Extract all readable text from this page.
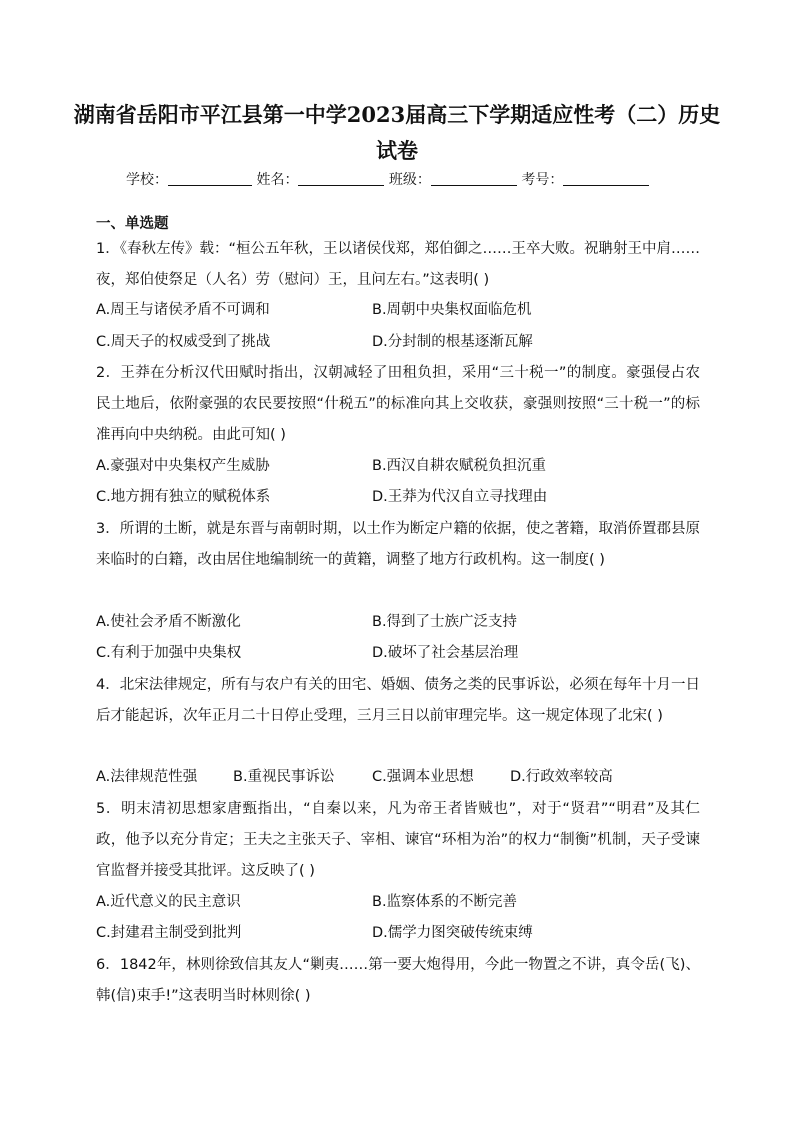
湖南省岳阳市平江县第一中学2023届高三下学期适应性考（二）历史
试卷
学校：	姓名：	班级：	考号：
一、单选题
1．《春秋左传》载：“桓公五年秋，王以诸侯伐郑，郑伯御之……王卒大败。祝聃射王中肩……夜，郑伯使祭足（人名）劳（慰问）王，且问左右。”这表明( )
A.周王与诸侯矛盾不可调和	B.周朝中央集权面临危机
C.周天子的权威受到了挑战	D.分封制的根基逐渐瓦解
2．王莽在分析汉代田赋时指出，汉朝减轻了田租负担，采用“三十税一”的制度。豪强侵占农民土地后，依附豪强的农民要按照“什税五”的标准向其上交收获，豪强则按照“三十税一”的标准再向中央纳税。由此可知( )
A.豪强对中央集权产生威胁	B.西汉自耕农赋税负担沉重
C.地方拥有独立的赋税体系	D.王莽为代汉自立寻找理由
3．所谓的土断，就是东晋与南朝时期，以土作为断定户籍的依据，使之著籍，取消侨置郡县原来临时的白籍，改由居住地编制统一的黄籍，调整了地方行政机构。这一制度( )
A.使社会矛盾不断激化	B.得到了士族广泛支持
C.有利于加强中央集权	D.破坏了社会基层治理
4．北宋法律规定，所有与农户有关的田宅、婚姻、债务之类的民事诉讼，必须在每年十月一日后才能起诉，次年正月二十日停止受理，三月三日以前审理完毕。这一规定体现了北宋( )
A.法律规范性强 B.重视民事诉讼	C.强调本业思想	D.行政效率较高
5．明末清初思想家唐甄指出，“自秦以来，凡为帝王者皆贼也”，对于“贤君”“明君”及其仁政，他予以充分肯定；王夫之主张天子、宰相、谏官“环相为治”的权力“制衡”机制，天子受谏官监督并接受其批评。这反映了( )
A.近代意义的民主意识	B.监察体系的不断完善
C.封建君主制受到批判	D.儒学力图突破传统束缚
6．1842年，林则徐致信其友人“剿夷……第一要大炮得用，今此一物置之不讲，真令岳(飞)、韩(信)束手!”这表明当时林则徐( )
